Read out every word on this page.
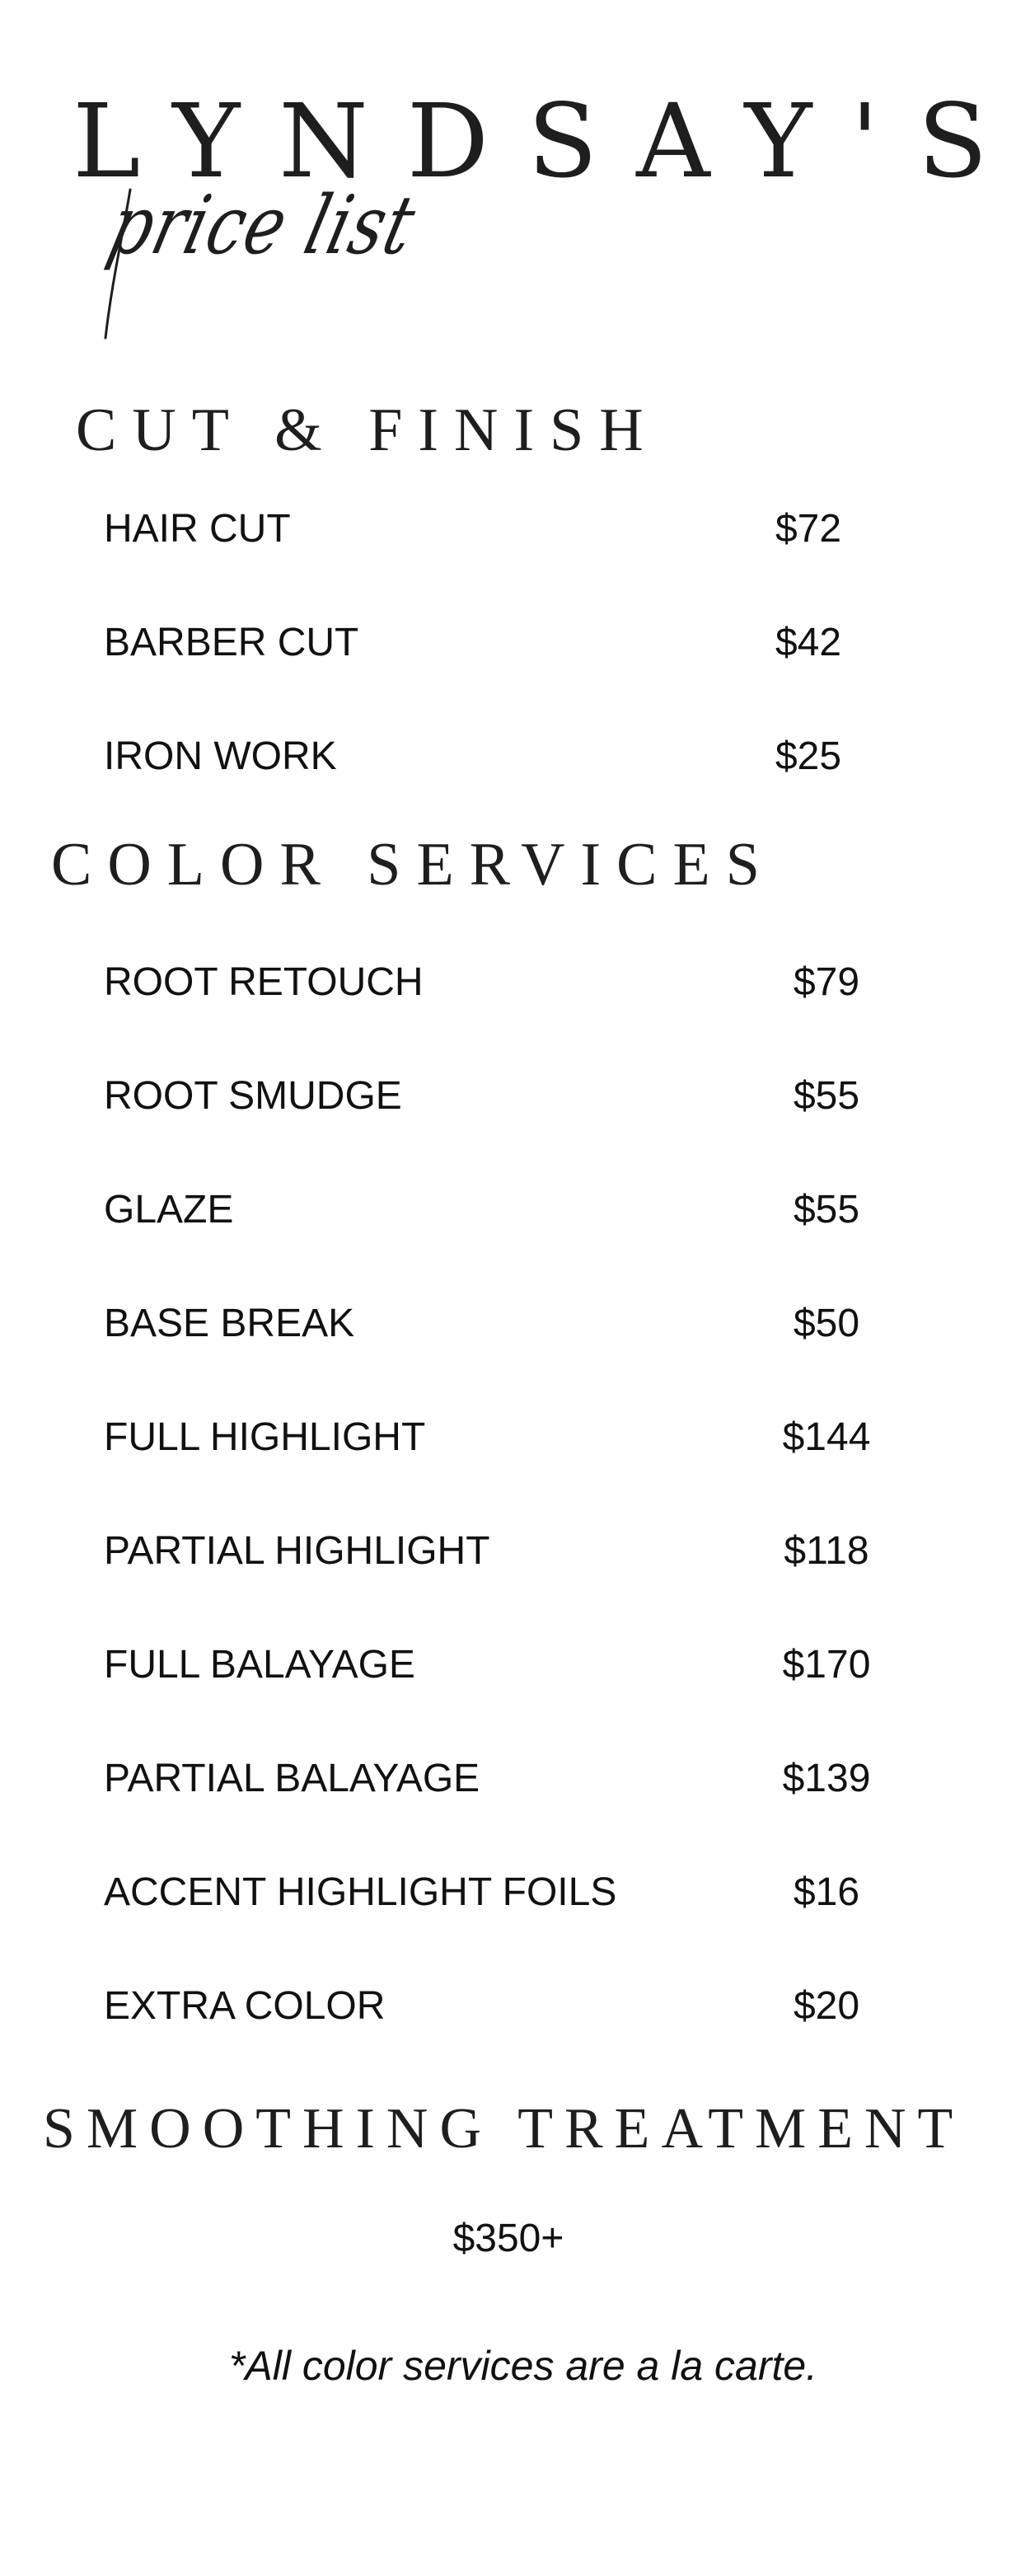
LYNDSAY'S
price list
CUT & FINISH
HAIR CUT	$72
BARBER CUT	$42
IRON WORK	$25
COLOR SERVICES
ROOT RETOUCH	$79
ROOT SMUDGE	$55
GLAZE	$55
BASE BREAK	$50
FULL HIGHLIGHT	$144
PARTIAL HIGHLIGHT	$118
FULL BALAYAGE	$170
PARTIAL BALAYAGE	$139
ACCENT HIGHLIGHT FOILS	$16
EXTRA COLOR	$20
SMOOTHING TREATMENT
$350+
*All color services are a la carte.
